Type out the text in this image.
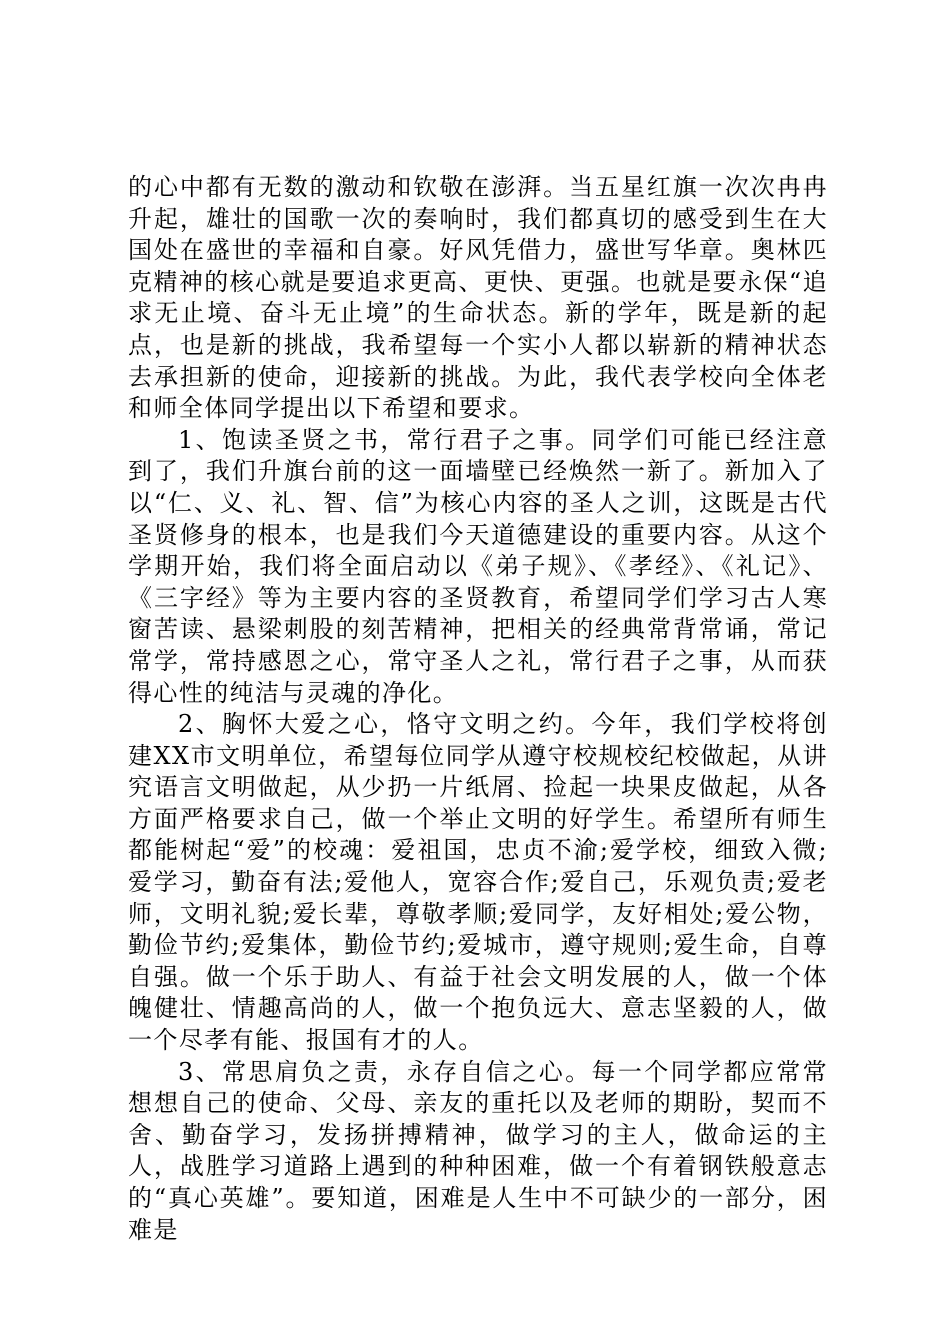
的心中都有无数的激动和钦敬在澎湃。当五星红旗一次次冉冉升起，雄壮的国歌一次的奏响时，我们都真切的感受到生在大国处在盛世的幸福和自豪。好风凭借力，盛世写华章。奥林匹克精神的核心就是要追求更高、更快、更强。也就是要永保“追求无止境、奋斗无止境”的生命状态。新的学年，既是新的起点，也是新的挑战，我希望每一个实小人都以崭新的精神状态去承担新的使命，迎接新的挑战。为此，我代表学校向全体老和师全体同学提出以下希望和要求。

1、饱读圣贤之书，常行君子之事。同学们可能已经注意到了，我们升旗台前的这一面墙壁已经焕然一新了。新加入了以“仁、义、礼、智、信”为核心内容的圣人之训，这既是古代圣贤修身的根本，也是我们今天道德建设的重要内容。从这个学期开始，我们将全面启动以《弟子规》、《孝经》、《礼记》、《三字经》等为主要内容的圣贤教育，希望同学们学习古人寒窗苦读、悬梁刺股的刻苦精神，把相关的经典常背常诵，常记常学，常持感恩之心，常守圣人之礼，常行君子之事，从而获得心性的纯洁与灵魂的净化。

2、胸怀大爱之心，恪守文明之约。今年，我们学校将创建XX市文明单位，希望每位同学从遵守校规校纪校做起，从讲究语言文明做起，从少扔一片纸屑、捡起一块果皮做起，从各方面严格要求自己，做一个举止文明的好学生。希望所有师生都能树起“爱”的校魂：爱祖国，忠贞不渝;爱学校，细致入微;爱学习，勤奋有法;爱他人，宽容合作;爱自己，乐观负责;爱老师，文明礼貌;爱长辈，尊敬孝顺;爱同学，友好相处;爱公物，勤俭节约;爱集体，勤俭节约;爱城市，遵守规则;爱生命，自尊自强。做一个乐于助人、有益于社会文明发展的人，做一个体魄健壮、情趣高尚的人，做一个抱负远大、意志坚毅的人，做一个尽孝有能、报国有才的人。

3、常思肩负之责，永存自信之心。每一个同学都应常常想想自己的使命、父母、亲友的重托以及老师的期盼，契而不舍、勤奋学习，发扬拼搏精神，做学习的主人，做命运的主人，战胜学习道路上遇到的种种困难，做一个有着钢铁般意志的“真心英雄”。要知道，困难是人生中不可缺少的一部分，困难是
